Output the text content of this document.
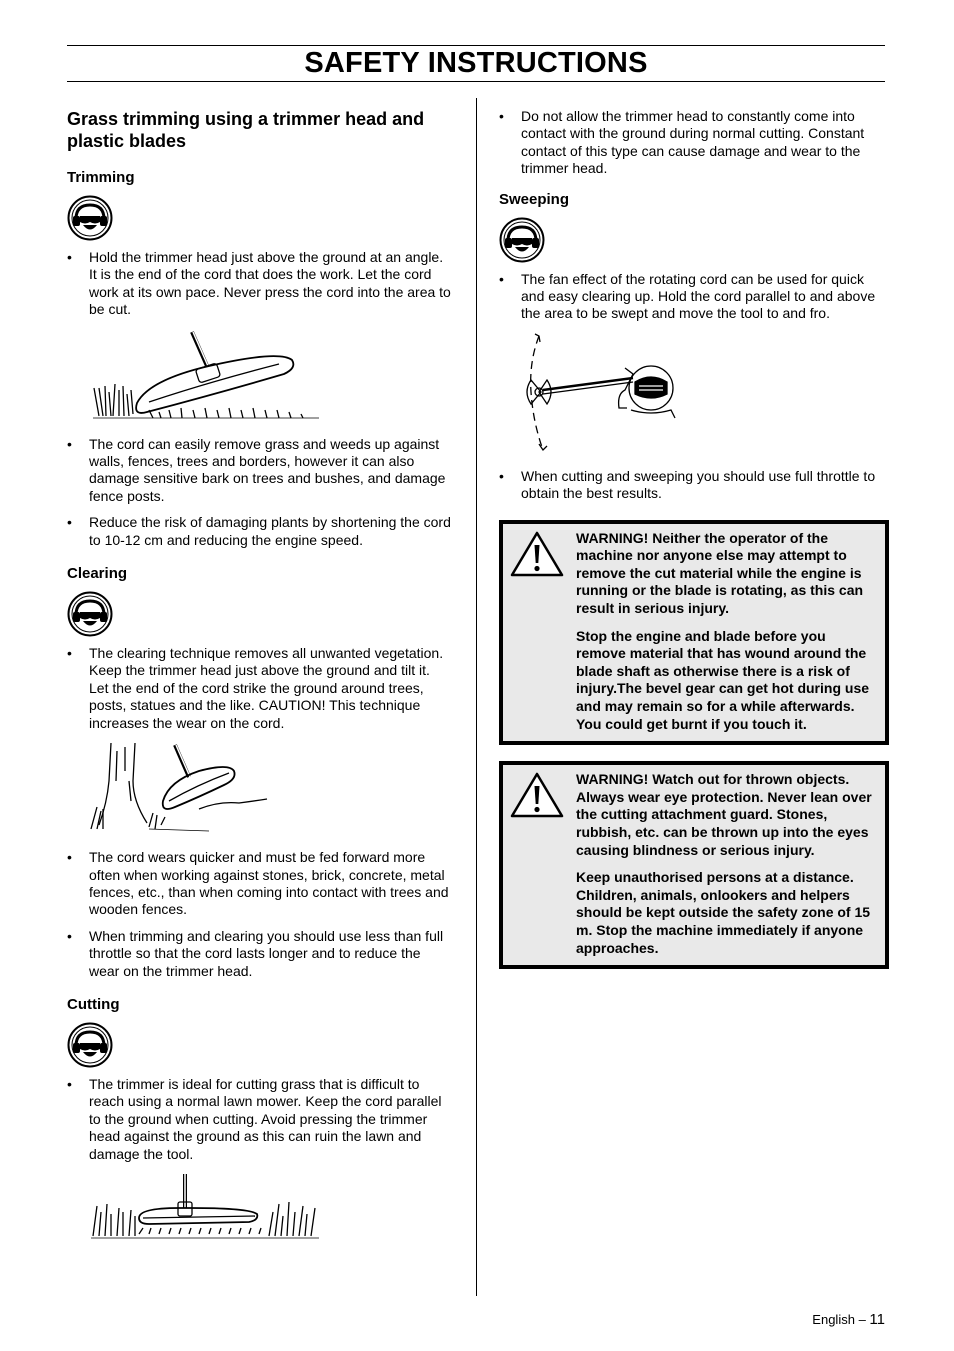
SAFETY INSTRUCTIONS
Grass trimming using a trimmer head and plastic blades
Trimming
•	Hold the trimmer head just above the ground at an angle. It is the end of the cord that does the work. Let the cord work at its own pace. Never press the cord into the area to be cut.
•	The cord can easily remove grass and weeds up against walls, fences, trees and borders, however it can also damage sensitive bark on trees and bushes, and damage fence posts.
•	Reduce the risk of damaging plants by shortening the cord to 10-12 cm and reducing the engine speed.
Clearing
•	The clearing technique removes all unwanted vegetation. Keep the trimmer head just above the ground and tilt it. Let the end of the cord strike the ground around trees, posts, statues and the like. CAUTION! This technique increases the wear on the cord.
•	The cord wears quicker and must be fed forward more often when working against stones, brick, concrete, metal fences, etc., than when coming into contact with trees and wooden fences.
•	When trimming and clearing you should use less than full throttle so that the cord lasts longer and to reduce the wear on the trimmer head.
Cutting
•	The trimmer is ideal for cutting grass that is difficult to reach using a normal lawn mower. Keep the cord parallel to the ground when cutting. Avoid pressing the trimmer head against the ground as this can ruin the lawn and damage the tool.
•	Do not allow the trimmer head to constantly come into contact with the ground during normal cutting. Constant contact of this type can cause damage and wear to the trimmer head.
Sweeping
•	The fan effect of the rotating cord can be used for quick and easy clearing up. Hold the cord parallel to and above the area to be swept and move the tool to and fro.
•	When cutting and sweeping you should use full throttle to obtain the best results.

WARNING! Neither the operator of the machine nor anyone else may attempt to remove the cut material while the engine is running or the blade is rotating, as this can result in serious injury.

Stop the engine and blade before you remove material that has wound around the blade shaft as otherwise there is a risk of injury.The bevel gear can get hot during use and may remain so for a while afterwards. You could get burnt if you touch it.

WARNING! Watch out for thrown objects. Always wear eye protection. Never lean over the cutting attachment guard. Stones, rubbish, etc. can be thrown up into the eyes causing blindness or serious injury.

Keep unauthorised persons at a distance. Children, animals, onlookers and helpers should be kept outside the safety zone of 15 m. Stop the machine immediately if anyone approaches.

English – 11
